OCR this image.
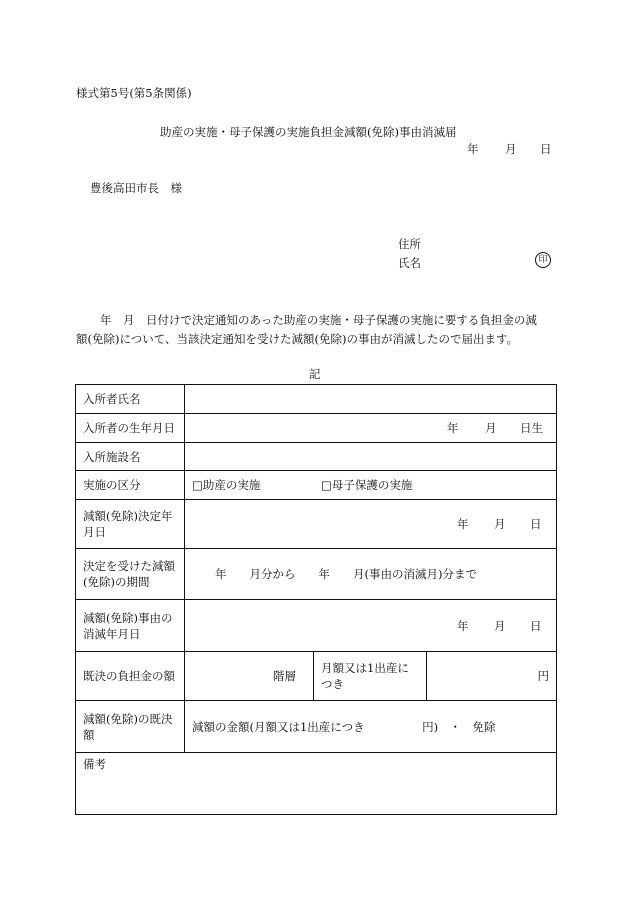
様式第5号(第5条関係)
助産の実施・母子保護の実施負担金減額(免除)事由消滅届
年 月 日
豊後高田市長　様
住所
氏名	印
年　月　日付けで決定通知のあった助産の実施・母子保護の実施に要する負担金の減
額(免除)について、当該決定通知を受けた減額(免除)の事由が消滅したので届出ます。
記
入所者氏名			
入所者の生年月日	年 月 日生		

入所施設名			
実施の区分	□助産の実施 □母子保護の実施		

減額(免除)決定年月日	年 月 日		

決定を受けた減額(免除)の期間	年　　月分から　　年　　月(事由の消滅月)分まで		

減額(免除)事由の消滅年月日	年 月 日		

既決の負担金の額	階層	月額又は1出産につき	円
減額(免除)の既決額	減額の金額(月額又は1出産につき　　　　　円)　・　免除		
備考			
